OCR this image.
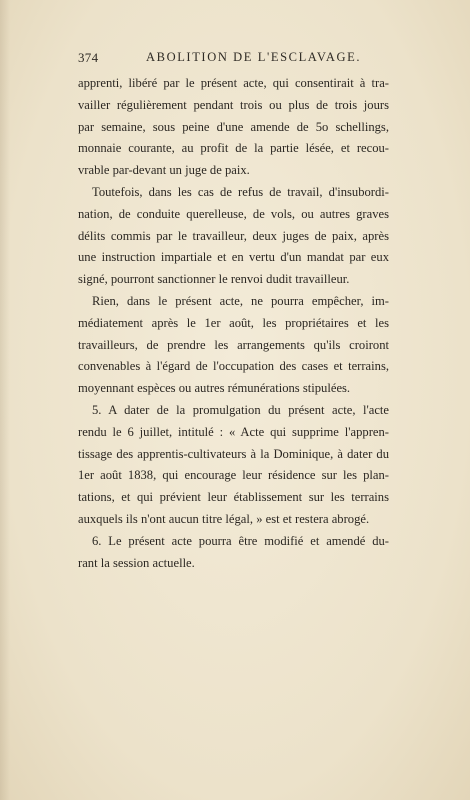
374	ABOLITION DE L'ESCLAVAGE.
apprenti, libéré par le présent acte, qui consentirait à tra-
vailler régulièrement pendant trois ou plus de trois jours
par semaine, sous peine d'une amende de 5o schellings,
monnaie courante, au profit de la partie lésée, et recou-
vrable par-devant un juge de paix.
Toutefois, dans les cas de refus de travail, d'insubordi-
nation, de conduite querelleuse, de vols, ou autres graves
délits commis par le travailleur, deux juges de paix, après
une instruction impartiale et en vertu d'un mandat par eux
signé, pourront sanctionner le renvoi dudit travailleur.
Rien, dans le présent acte, ne pourra empêcher, im-
médiatement après le 1er août, les propriétaires et les
travailleurs, de prendre les arrangements qu'ils croiront
convenables à l'égard de l'occupation des cases et terrains,
moyennant espèces ou autres rémunérations stipulées.
5. A dater de la promulgation du présent acte, l'acte
rendu le 6 juillet, intitulé : « Acte qui supprime l'appren-
tissage des apprentis-cultivateurs à la Dominique, à dater du
1er août 1838, qui encourage leur résidence sur les plan-
tations, et qui prévient leur établissement sur les terrains
auxquels ils n'ont aucun titre légal, » est et restera abrogé.
6. Le présent acte pourra être modifié et amendé du-
rant la session actuelle.
